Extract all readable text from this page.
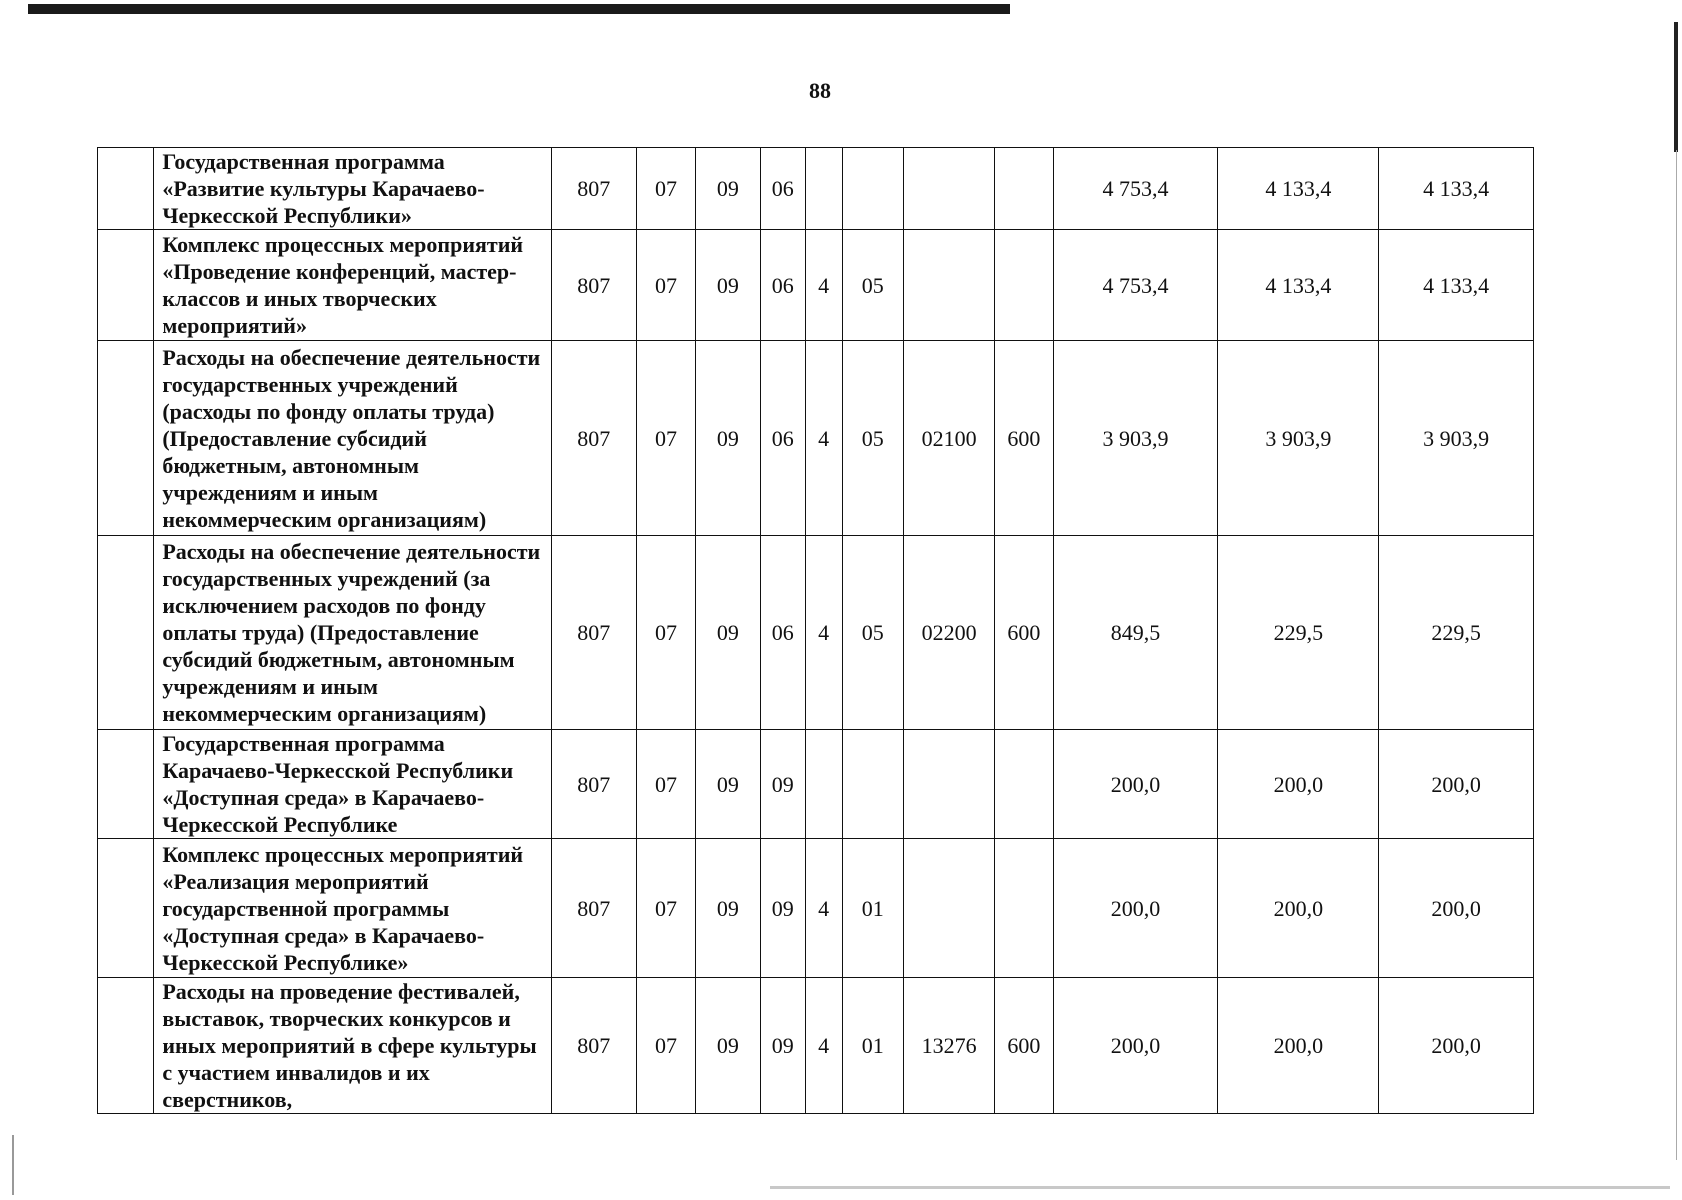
88
	Государственная программа «Развитие культуры Карачаево-Черкесской Республики»	807	07	09	06					4 753,4	4 133,4	4 133,4
	Комплекс процессных мероприятий «Проведение конференций, мастер-классов и иных творческих мероприятий»	807	07	09	06	4	05			4 753,4	4 133,4	4 133,4
	Расходы на обеспечение деятельности государственных учреждений (расходы по фонду оплаты труда) (Предоставление субсидий бюджетным, автономным учреждениям и иным некоммерческим организациям)	807	07	09	06	4	05	02100	600	3 903,9	3 903,9	3 903,9
	Расходы на обеспечение деятельности государственных учреждений (за исключением расходов по фонду оплаты труда) (Предоставление субсидий бюджетным, автономным учреждениям и иным некоммерческим организациям)	807	07	09	06	4	05	02200	600	849,5	229,5	229,5
	Государственная программа Карачаево-Черкесской Республики «Доступная среда» в Карачаево-Черкесской Республике	807	07	09	09					200,0	200,0	200,0
	Комплекс процессных мероприятий «Реализация мероприятий государственной программы «Доступная среда» в Карачаево-Черкесской Республике»	807	07	09	09	4	01			200,0	200,0	200,0
	Расходы на проведение фестивалей, выставок, творческих конкурсов и иных мероприятий в сфере культуры с участием инвалидов и их сверстников,	807	07	09	09	4	01	13276	600	200,0	200,0	200,0
